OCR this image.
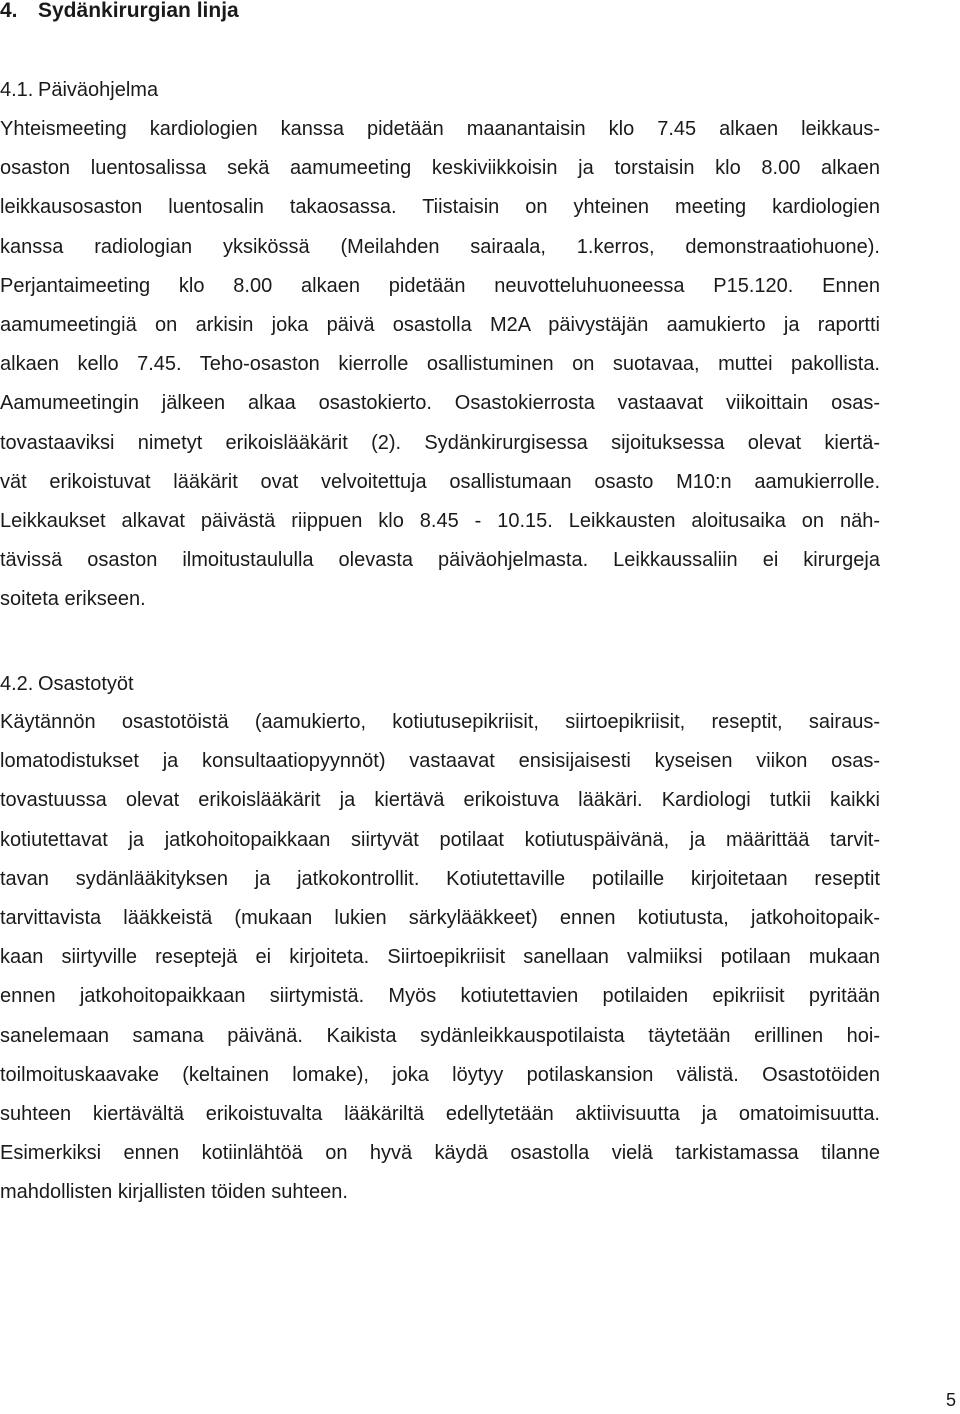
4. Sydänkirurgian linja
4.1. Päiväohjelma
Yhteismeeting kardiologien kanssa pidetään maanantaisin klo 7.45 alkaen leikkaus-
osaston luentosalissa sekä aamumeeting keskiviikkoisin ja torstaisin klo 8.00 alkaen
leikkausosaston luentosalin takaosassa. Tiistaisin on yhteinen meeting kardiologien
kanssa radiologian yksikössä (Meilahden sairaala, 1.kerros, demonstraatiohuone).
Perjantaimeeting klo 8.00 alkaen pidetään neuvotteluhuoneessa P15.120. Ennen
aamumeetingiä on arkisin joka päivä osastolla M2A päivystäjän aamukierto ja raportti
alkaen kello 7.45. Teho-osaston kierrolle osallistuminen on suotavaa, muttei pakollista.
Aamumeetingin jälkeen alkaa osastokierto. Osastokierrosta vastaavat viikoittain osas-
tovastaaviksi nimetyt erikoislääkärit (2). Sydänkirurgisessa sijoituksessa olevat kiertä-
vät erikoistuvat lääkärit ovat velvoitettuja osallistumaan osasto M10:n aamukierrolle.
Leikkaukset alkavat päivästä riippuen klo 8.45 - 10.15. Leikkausten aloitusaika on näh-
tävissä osaston ilmoitustaululla olevasta päiväohjelmasta. Leikkaussaliin ei kirurgeja
soiteta erikseen.
4.2. Osastotyöt
Käytännön osastotöistä (aamukierto, kotiutusepikriisit, siirtoepikriisit, reseptit, sairaus-
lomatodistukset ja konsultaatiopyynnöt) vastaavat ensisijaisesti kyseisen viikon osas-
tovastuussa olevat erikoislääkärit ja kiertävä erikoistuva lääkäri. Kardiologi tutkii kaikki
kotiutettavat ja jatkohoitopaikkaan siirtyvät potilaat kotiutuspäivänä, ja määrittää tarvit-
tavan sydänlääkityksen ja jatkokontrollit. Kotiutettaville potilaille kirjoitetaan reseptit
tarvittavista lääkkeistä (mukaan lukien särkylääkkeet) ennen kotiutusta, jatkohoitopaik-
kaan siirtyville reseptejä ei kirjoiteta. Siirtoepikriisit sanellaan valmiiksi potilaan mukaan
ennen jatkohoitopaikkaan siirtymistä. Myös kotiutettavien potilaiden epikriisit pyritään
sanelemaan samana päivänä. Kaikista sydänleikkauspotilaista täytetään erillinen hoi-
toilmoituskaavake (keltainen lomake), joka löytyy potilaskansion välistä. Osastotöiden
suhteen kiertävältä erikoistuvalta lääkäriltä edellytetään aktiivisuutta ja omatoimisuutta.
Esimerkiksi ennen kotiinlähtöä on hyvä käydä osastolla vielä tarkistamassa tilanne
mahdollisten kirjallisten töiden suhteen.
5
